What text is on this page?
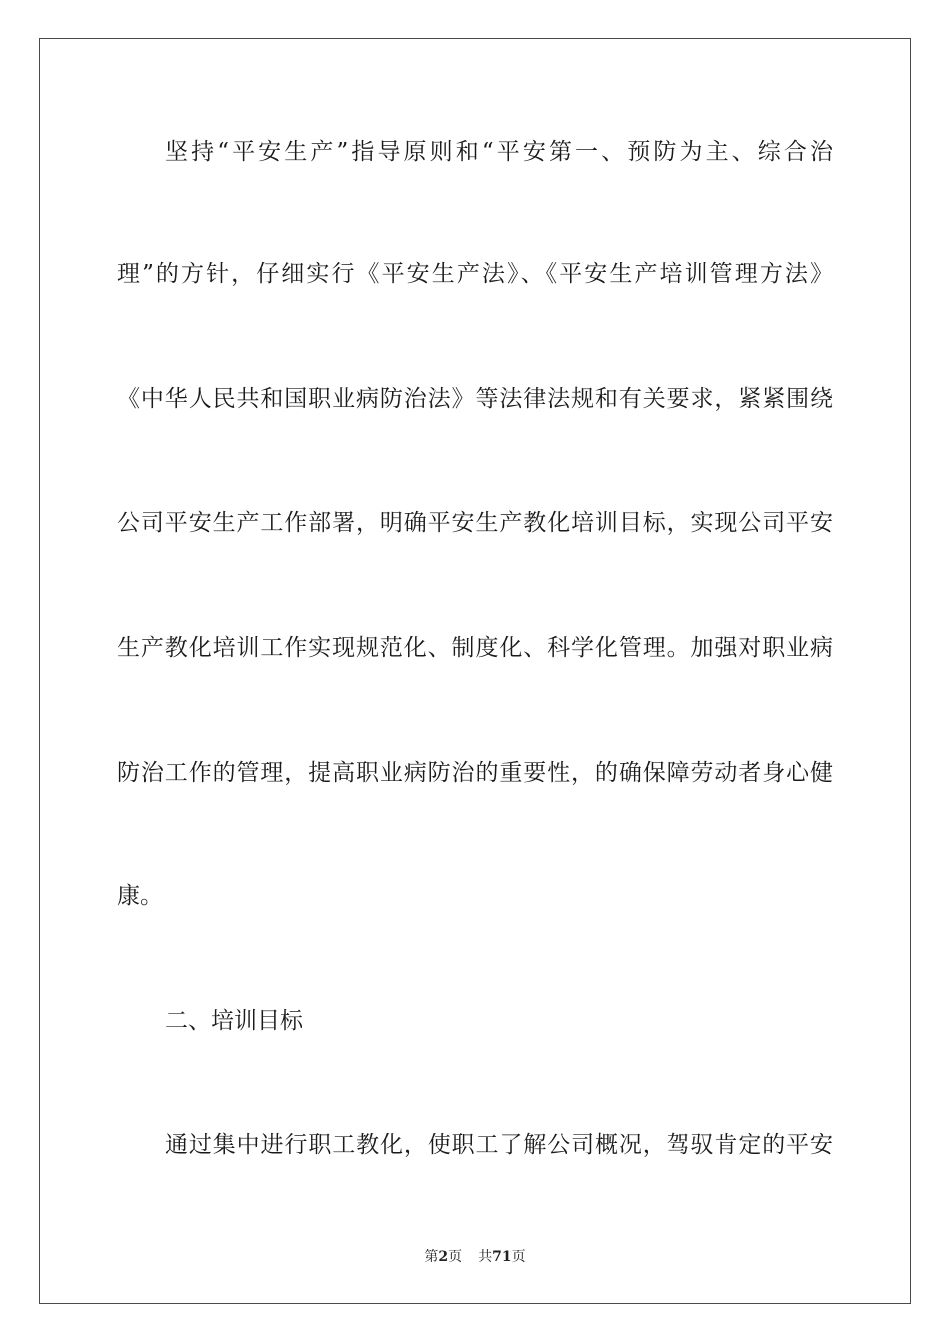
坚持“平安生产”指导原则和“平安第一、预防为主、综合治
理”的方针，仔细实行《平安生产法》、《平安生产培训管理方法》
《中华人民共和国职业病防治法》等法律法规和有关要求，紧紧围绕
公司平安生产工作部署，明确平安生产教化培训目标，实现公司平安
生产教化培训工作实现规范化、制度化、科学化管理。加强对职业病
防治工作的管理，提高职业病防治的重要性，的确保障劳动者身心健
康。
二、培训目标
通过集中进行职工教化，使职工了解公司概况，驾驭肯定的平安
第2页 共71页
